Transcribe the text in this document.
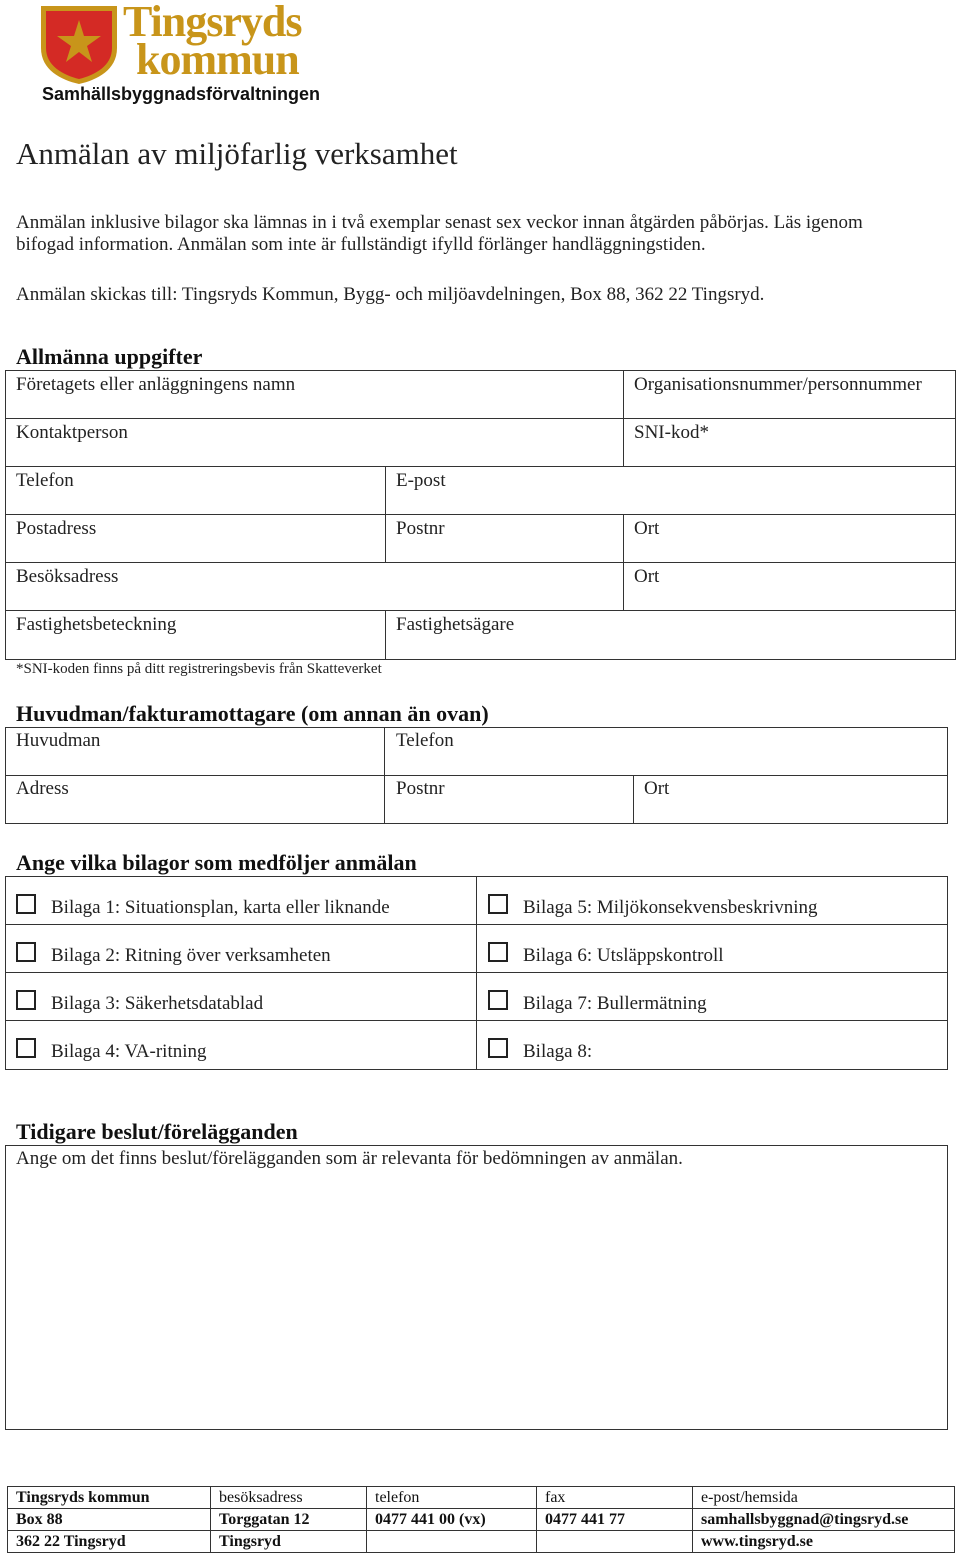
Tingsryds
kommun
Samhällsbyggnadsförvaltningen
Anmälan av miljöfarlig verksamhet
Anmälan inklusive bilagor ska lämnas in i två exemplar senast sex veckor innan åtgärden påbörjas. Läs igenom
bifogad information. Anmälan som inte är fullständigt ifylld förlänger handläggningstiden.
Anmälan skickas till: Tingsryds Kommun, Bygg- och miljöavdelningen, Box 88, 362 22 Tingsryd.
Allmänna uppgifter
Företagets eller anläggningens namn	Organisationsnummer/personnummer
Kontaktperson	SNI-kod*
Telefon	E-post
Postadress	Postnr	Ort
Besöksadress	Ort
Fastighetsbeteckning	Fastighetsägare
*SNI-koden finns på ditt registreringsbevis från Skatteverket
Huvudman/fakturamottagare (om annan än ovan)
Huvudman	Telefon
Adress	Postnr	Ort
Ange vilka bilagor som medföljer anmälan
Bilaga 1: Situationsplan, karta eller liknande
Bilaga 2: Ritning över verksamheten
Bilaga 3: Säkerhetsdatablad
Bilaga 4: VA-ritning
Bilaga 5: Miljökonsekvensbeskrivning
Bilaga 6: Utsläppskontroll
Bilaga 7: Bullermätning
Bilaga 8:
Tidigare beslut/förelägganden
Ange om det finns beslut/förelägganden som är relevanta för bedömningen av anmälan.
Tingsryds kommun	besöksadress	telefon	fax	e-post/hemsida
Box 88	Torggatan 12	0477 441 00 (vx)	0477 441 77	samhallsbyggnad@tingsryd.se
362 22 Tingsryd	Tingsryd			www.tingsryd.se
